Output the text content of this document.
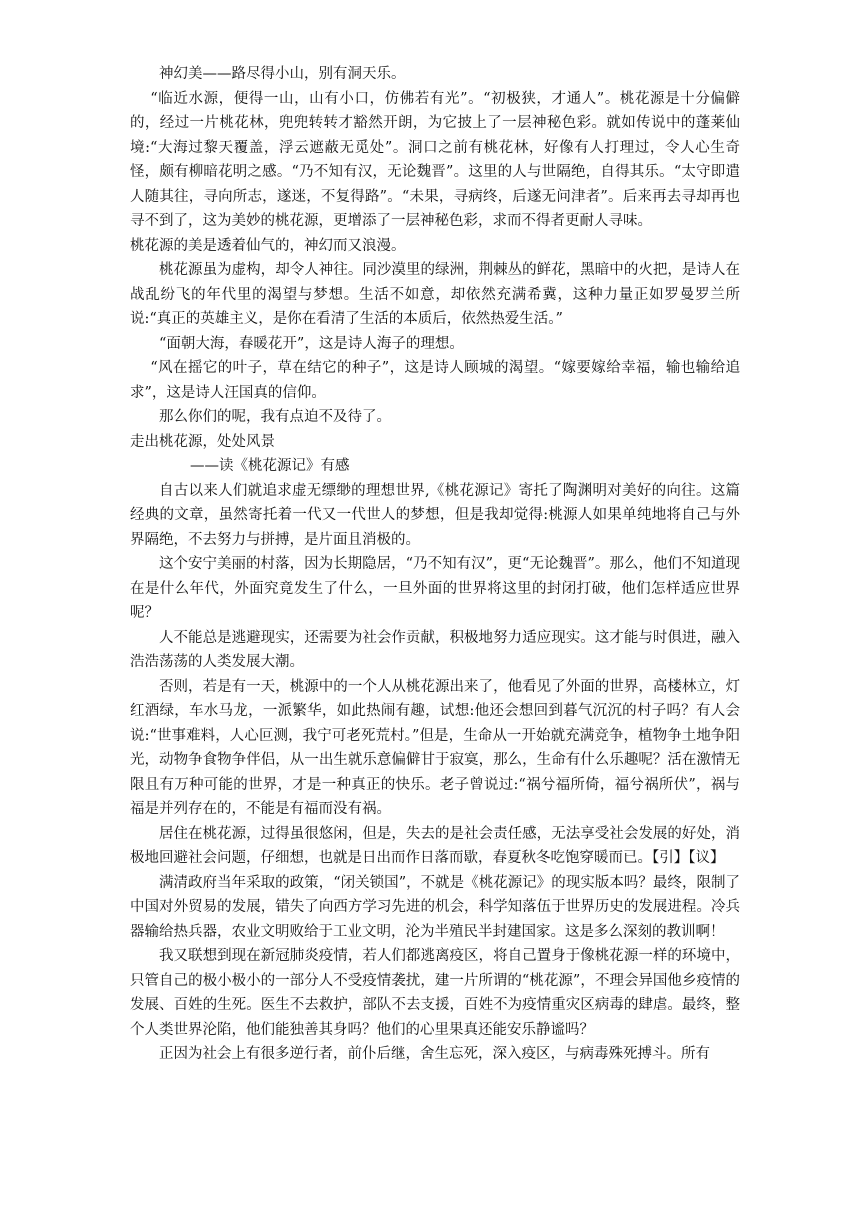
神幻美——路尽得小山，别有洞天乐。

“临近水源，便得一山，山有小口，仿佛若有光”。“初极狭，才通人”。桃花源是十分偏僻的，经过一片桃花林，兜兜转转才豁然开朗，为它披上了一层神秘色彩。就如传说中的蓬莱仙境:“大海过黎天覆盖，浮云遮蔽无觅处”。洞口之前有桃花林，好像有人打理过，令人心生奇怪，颇有柳暗花明之感。“乃不知有汉，无论魏晋”。这里的人与世隔绝，自得其乐。“太守即遣人随其往，寻向所志，遂迷，不复得路”。“未果，寻病终，后遂无问津者”。后来再去寻却再也寻不到了，这为美妙的桃花源，更增添了一层神秘色彩，求而不得者更耐人寻味。

桃花源的美是透着仙气的，神幻而又浪漫。

桃花源虽为虚构，却令人神往。同沙漠里的绿洲，荆棘丛的鲜花，黑暗中的火把，是诗人在战乱纷飞的年代里的渴望与梦想。生活不如意，却依然充满希冀，这种力量正如罗曼罗兰所说:“真正的英雄主义，是你在看清了生活的本质后，依然热爱生活。”

“面朝大海，春暖花开”，这是诗人海子的理想。

“风在摇它的叶子，草在结它的种子”，这是诗人顾城的渴望。“嫁要嫁给幸福，输也输给追求”，这是诗人汪国真的信仰。

那么你们的呢，我有点迫不及待了。

走出桃花源，处处风景

——读《桃花源记》有感

自古以来人们就追求虚无缥缈的理想世界,《桃花源记》寄托了陶渊明对美好的向往。这篇经典的文章，虽然寄托着一代又一代世人的梦想，但是我却觉得:桃源人如果单纯地将自己与外界隔绝，不去努力与拼搏，是片面且消极的。

这个安宁美丽的村落，因为长期隐居，“乃不知有汉”，更“无论魏晋”。那么，他们不知道现在是什么年代，外面究竟发生了什么，一旦外面的世界将这里的封闭打破，他们怎样适应世界呢？

人不能总是逃避现实，还需要为社会作贡献，积极地努力适应现实。这才能与时俱进，融入浩浩荡荡的人类发展大潮。

否则，若是有一天，桃源中的一个人从桃花源出来了，他看见了外面的世界，高楼林立，灯红酒绿，车水马龙，一派繁华，如此热闹有趣，试想:他还会想回到暮气沉沉的村子吗？有人会说:“世事难料，人心叵测，我宁可老死荒村。”但是，生命从一开始就充满竞争，植物争土地争阳光，动物争食物争伴侣，从一出生就乐意偏僻甘于寂寞，那么，生命有什么乐趣呢？活在激情无限且有万种可能的世界，才是一种真正的快乐。老子曾说过:“祸兮福所倚，福兮祸所伏”，祸与福是并列存在的，不能是有福而没有祸。

居住在桃花源，过得虽很悠闲，但是，失去的是社会责任感，无法享受社会发展的好处，消极地回避社会问题，仔细想，也就是日出而作日落而歇，春夏秋冬吃饱穿暖而已。【引】【议】

满清政府当年采取的政策，“闭关锁国”，不就是《桃花源记》的现实版本吗？最终，限制了中国对外贸易的发展，错失了向西方学习先进的机会，科学知落伍于世界历史的发展进程。冷兵器输给热兵器，农业文明败给于工业文明，沦为半殖民半封建国家。这是多么深刻的教训啊！

我又联想到现在新冠肺炎疫情，若人们都逃离疫区，将自己置身于像桃花源一样的环境中，只管自己的极小极小的一部分人不受疫情袭扰，建一片所谓的“桃花源”，不理会异国他乡疫情的发展、百姓的生死。医生不去救护，部队不去支援，百姓不为疫情重灾区病毒的肆虐。最终，整个人类世界沦陷，他们能独善其身吗？他们的心里果真还能安乐静谧吗？

正因为社会上有很多逆行者，前仆后继，舍生忘死，深入疫区，与病毒殊死搏斗。所有
